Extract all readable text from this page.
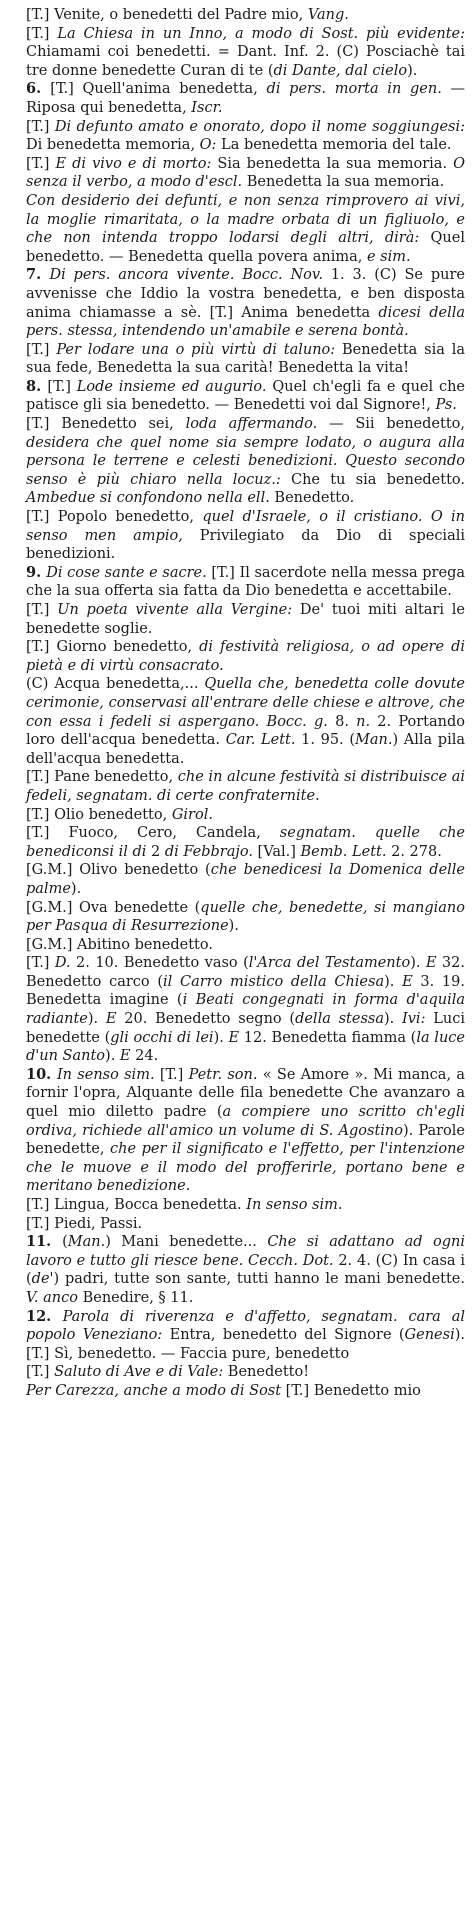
[T.] Venite, o benedetti del Padre mio, Vang.

[T.] La Chiesa in un Inno, a modo di Sost. più evidente: Chiamami coi benedetti. = Dant. Inf. 2. (C) Posciachè tai tre donne benedette Curan di te (di Dante, dal cielo).

6. [T.] Quell'anima benedetta, di pers. morta in gen. — Riposa qui benedetta, Iscr.

[T.] Di defunto amato e onorato, dopo il nome soggiungesi: Di benedetta memoria, O: La benedetta memoria del tale.

[T.] E di vivo e di morto: Sia benedetta la sua memoria. O senza il verbo, a modo d'escl. Benedetta la sua memoria.

Con desiderio dei defunti, e non senza rimprovero ai vivi, la moglie rimaritata, o la madre orbata di un figliuolo, e che non intenda troppo lodarsi degli altri, dirà: Quel benedetto. — Benedetta quella povera anima, e sim.

7. Di pers. ancora vivente. Bocc. Nov. 1. 3. (C) Se pure avvenisse che Iddio la vostra benedetta, e ben disposta anima chiamasse a sè. [T.] Anima benedetta dicesi della pers. stessa, intendendo un'amabile e serena bontà.

[T.] Per lodare una o più virtù di taluno: Benedetta sia la sua fede, Benedetta la sua carità! Benedetta la vita!

8. [T.] Lode insieme ed augurio. Quel ch'egli fa e quel che patisce gli sia benedetto. — Benedetti voi dal Signore!, Ps.

[T.] Benedetto sei, loda affermando. — Sii benedetto, desidera che quel nome sia sempre lodato, o augura alla persona le terrene e celesti benedizioni. Questo secondo senso è più chiaro nella locuz.: Che tu sia benedetto. Ambedue si confondono nella ell. Benedetto.

[T.] Popolo benedetto, quel d'Israele, o il cristiano. O in senso men ampio, Privilegiato da Dio di speciali benedizioni.

9. Di cose sante e sacre. [T.] Il sacerdote nella messa prega che la sua offerta sia fatta da Dio benedetta e accettabile.

[T.] Un poeta vivente alla Vergine: De' tuoi miti altari le benedette soglie.

[T.] Giorno benedetto, di festività religiosa, o ad opere di pietà e di virtù consacrato.

(C) Acqua benedetta,... Quella che, benedetta colle dovute cerimonie, conservasi all'entrare delle chiese e altrove, che con essa i fedeli si aspergano. Bocc. g. 8. n. 2. Portando loro dell'acqua benedetta. Car. Lett. 1. 95. (Man.) Alla pila dell'acqua benedetta.

[T.] Pane benedetto, che in alcune festività si distribuisce ai fedeli, segnatam. di certe confraternite.

[T.] Olio benedetto, Girol.

[T.] Fuoco, Cero, Candela, segnatam. quelle che benediconsi il di 2 di Febbrajo. [Val.] Bemb. Lett. 2. 278.

[G.M.] Olivo benedetto (che benedicesi la Domenica delle palme).

[G.M.] Ova benedette (quelle che, benedette, si mangiano per Pasqua di Resurrezione).

[G.M.] Abitino benedetto.

[T.] D. 2. 10. Benedetto vaso (l'Arca del Testamento). E 32. Benedetto carco (il Carro mistico della Chiesa). E 3. 19. Benedetta imagine (i Beati congegnati in forma d'aquila radiante). E 20. Benedetto segno (della stessa). Ivi: Luci benedette (gli occhi di lei). E 12. Benedetta fiamma (la luce d'un Santo). E 24.

10. In senso sim. [T.] Petr. son. « Se Amore ». Mi manca, a fornir l'opra, Alquante delle fila benedette Che avanzaro a quel mio diletto padre (a compiere uno scritto ch'egli ordiva, richiede all'amico un volume di S. Agostino). Parole benedette, che per il significato e l'effetto, per l'intenzione che le muove e il modo del profferirle, portano bene e meritano benedizione.

[T.] Lingua, Bocca benedetta. In senso sim.

[T.] Piedi, Passi.

11. (Man.) Mani benedette... Che si adattano ad ogni lavoro e tutto gli riesce bene. Cecch. Dot. 2. 4. (C) In casa i (de') padri, tutte son sante, tutti hanno le mani benedette. V. anco Benedire, § 11.

12. Parola di riverenza e d'affetto, segnatam. cara al popolo Veneziano: Entra, benedetto del Signore (Genesi). [T.] Sì, benedetto. — Faccia pure, benedetto

[T.] Saluto di Ave e di Vale: Benedetto!

Per Carezza, anche a modo di Sost [T.] Benedetto mio
